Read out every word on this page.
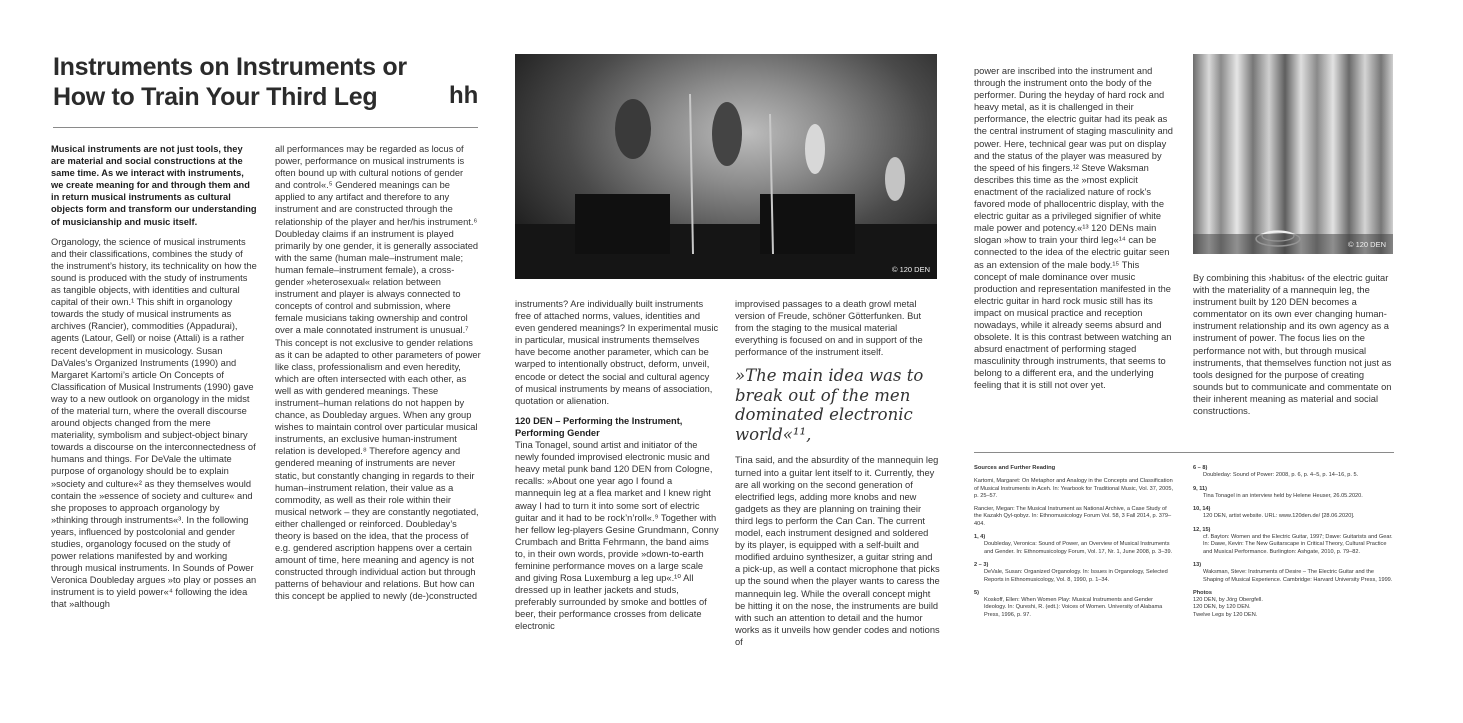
Instruments on Instruments or
How to Train Your Third Leg	hh

Musical instruments are not just tools, they are material and social constructions at the same time. As we interact with instruments, we create meaning for and through them and in return musical instruments as cultural objects form and transform our understanding of musicianship and music itself.

Organology, the science of musical instruments and their classifications, combines the study of the instrument’s history, its technicality on how the sound is produced with the study of instruments as tangible objects, with identities and cultural capital of their own.¹ This shift in organology towards the study of musical instruments as archives (Rancier), commodities (Appadurai), agents (Latour, Gell) or noise (Attali) is a rather recent development in musicology. Susan DaVales’s Organized Instruments (1990) and Margaret Kartomi’s article On Concepts of Classification of Musical Instruments (1990) gave way to a new outlook on organology in the midst of the material turn, where the overall discourse around objects changed from the mere materiality, symbolism and subject-object binary towards a discourse on the interconnectedness of humans and things. For DeVale the ultimate purpose of organology should be to explain »society and culture«² as they themselves would contain the »essence of society and culture« and she proposes to approach organology by »thinking through instruments«³. In the following years, influenced by postcolonial and gender studies, organology focused on the study of power relations manifested by and working through musical instruments. In Sounds of Power Veronica Doubleday argues »to play or posses an instrument is to yield power«⁴ following the idea that »although

all performances may be regarded as locus of power, performance on musical instruments is often bound up with cultural notions of gender and control«.⁵ Gendered meanings can be applied to any artifact and therefore to any instrument and are constructed through the relationship of the player and her/his instrument.⁶ Doubleday claims if an instrument is played primarily by one gender, it is generally associated with the same (human male–instrument male; human female–instrument female), a cross-gender »heterosexual« relation between instrument and player is always connected to concepts of control and submission, where female musicians taking ownership and control over a male connotated instrument is unusual.⁷ This concept is not exclusive to gender relations as it can be adapted to other parameters of power like class, professionalism and even heredity, which are often intersected with each other, as well as with gendered meanings. These instrument–human relations do not happen by chance, as Doubleday argues. When any group wishes to maintain control over particular musical instruments, an exclusive human-instrument relation is developed.⁸ Therefore agency and gendered meaning of instruments are never static, but constantly changing in regards to their human–instrument relation, their value as a commodity, as well as their role within their musical network – they are constantly negotiated, either challenged or reinforced. Doubleday’s theory is based on the idea, that the process of e.g. gendered ascription happens over a certain amount of time, here meaning and agency is not constructed through individual action but through patterns of behaviour and relations. But how can this concept be applied to newly (de-)constructed

© 120 DEN

instruments? Are individually built instruments free of attached norms, values, identities and even gendered meanings? In experimental music in particular, musical instruments themselves have become another parameter, which can be warped to intentionally obstruct, deform, unveil, encode or detect the social and cultural agency of musical instruments by means of association, quotation or alienation.

120 DEN – Performing the Instrument, Performing Gender

Tina Tonagel, sound artist and initiator of the newly founded improvised electronic music and heavy metal punk band 120 DEN from Cologne, recalls: »About one year ago I found a mannequin leg at a flea market and I knew right away I had to turn it into some sort of electric guitar and it had to be rock’n’roll«.⁹ Together with her fellow leg-players Gesine Grundmann, Conny Crumbach and Britta Fehrmann, the band aims to, in their own words, provide »down-to-earth feminine performance moves on a large scale and giving Rosa Luxemburg a leg up«.¹⁰ All dressed up in leather jackets and studs, preferably surrounded by smoke and bottles of beer, their performance crosses from delicate electronic

improvised passages to a death growl metal version of Freude, schöner Götterfunken. But from the staging to the musical material everything is focused on and in support of the performance of the instrument itself.

»The main idea was to break out of the men dominated electronic world«¹¹,

Tina said, and the absurdity of the mannequin leg turned into a guitar lent itself to it. Currently, they are all working on the second generation of electrified legs, adding more knobs and new gadgets as they are planning on training their third legs to perform the Can Can. The current model, each instrument designed and soldered by its player, is equipped with a self-built and modified arduino synthesizer, a guitar string and a pick-up, as well a contact microphone that picks up the sound when the player wants to caress the mannequin leg. While the overall concept might be hitting it on the nose, the instruments are build with such an attention to detail and the humor works as it unveils how gender codes and notions of

power are inscribed into the instrument and through the instrument onto the body of the performer. During the heyday of hard rock and heavy metal, as it is challenged in their performance, the electric guitar had its peak as the central instrument of staging masculinity and power. Here, technical gear was put on display and the status of the player was measured by the speed of his fingers.¹² Steve Waksman describes this time as the »most explicit enactment of the racialized nature of rock’s favored mode of phallocentric display, with the electric guitar as a privileged signifier of white male power and potency.«¹³ 120 DENs main slogan »how to train your third leg«¹⁴ can be connected to the idea of the electric guitar seen as an extension of the male body.¹⁵ This concept of male dominance over music production and representation manifested in the electric guitar in hard rock music still has its impact on musical practice and reception nowadays, while it already seems absurd and obsolete. It is this contrast between watching an absurd enactment of performing staged masculinity through instruments, that seems to belong to a different era, and the underlying feeling that it is still not over yet.

© 120 DEN

By combining this ›habitus‹ of the electric guitar with the materiality of a mannequin leg, the instrument built by 120 DEN becomes a commentator on its own ever changing human-instrument relationship and its own agency as a instrument of power. The focus lies on the performance not with, but through musical instruments, that themselves function not just as tools designed for the purpose of creating sounds but to communicate and commentate on their inherent meaning as material and social constructions.

Sources and Further Reading
Kartomi, Margaret: On Metaphor and Analogy in the Concepts and Classification of Musical Instruments in Aceh. In: Yearbook for Traditional Music, Vol. 37, 2005, p. 25–57.
Rancier, Megan: The Musical Instrument as National Archive, a Case Study of the Kazakh Qyl-qobyz. In: Ethnomusicology Forum Vol. 58, 3 Fall 2014, p. 379–404.
1, 4)
Doubleday, Veronica: Sound of Power, an Overview of Musical Instruments and Gender. In: Ethnomusicology Forum, Vol. 17, Nr. 1, June 2008, p. 3–39.
2 – 3)
DeVale, Susan: Organized Organology. In: Issues in Organology, Selected Reports in Ethnomusicology, Vol. 8, 1990, p. 1–34.
5)
Koskoff, Ellen: When Women Play: Musical Instruments and Gender Ideology. In: Qureshi, R. (edt.): Voices of Women. University of Alabama Press, 1996, p. 97.
6 – 8)
Doubleday: Sound of Power: 2008, p. 6, p. 4–5, p. 14–16, p. 5.
9, 11)
Tina Tonagel in an interview held by Helene Heuser, 26.05.2020.
10, 14)
120 DEN, artist website. URL: www.120den.de/ [28.06.2020].
12, 15)
cf. Bayton: Women and the Electric Guitar, 1997; Dawe: Guitarists and Gear. In: Dawe, Kevin: The New Guitarscape in Critical Theory, Cultural Practice and Musical Performance. Burlington: Ashgate, 2010, p. 79–82.
13)
Waksman, Steve: Instruments of Desire – The Electric Guitar and the Shaping of Musical Experience. Cambridge: Harvard University Press, 1999.
Photos
120 DEN, by Jörg Obergfell.
120 DEN, by 120 DEN.
Twelve Legs by 120 DEN.
